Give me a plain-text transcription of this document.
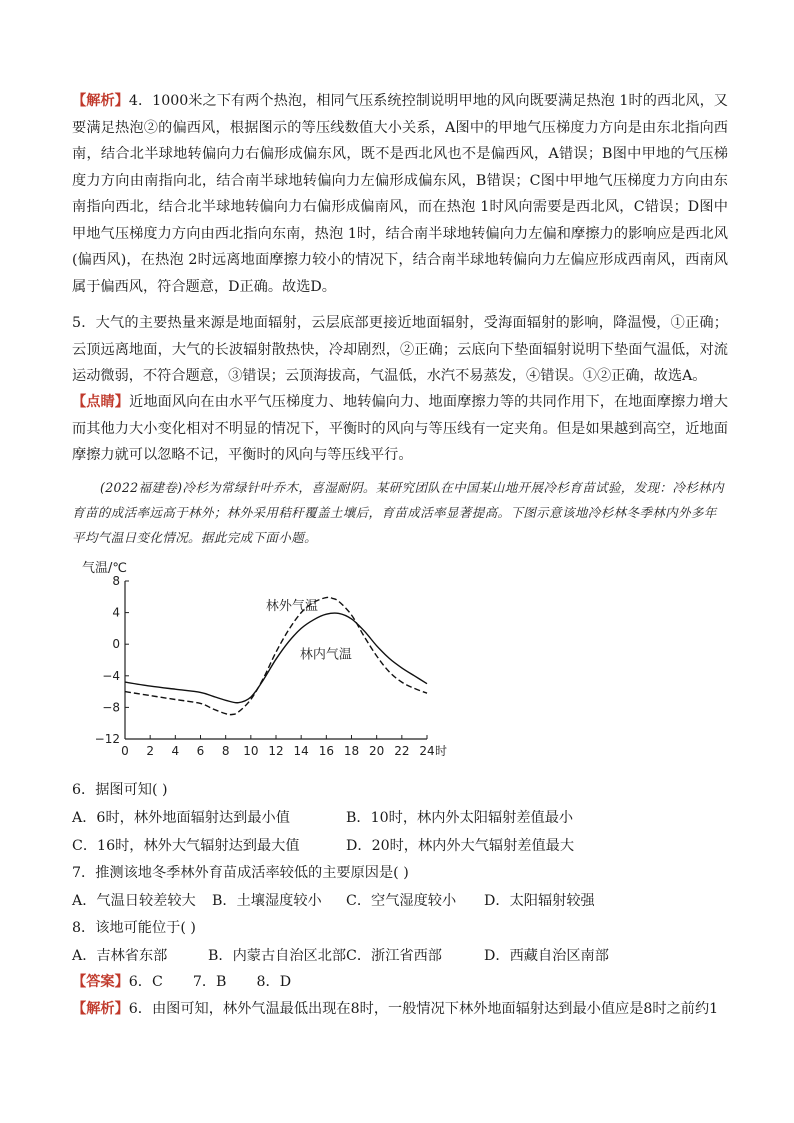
【解析】4．1000米之下有两个热泡，相同气压系统控制说明甲地的风向既要满足热泡 1时的西北风，又要满足热泡②的偏西风，根据图示的等压线数值大小关系，A图中的甲地气压梯度力方向是由东北指向西南，结合北半球地转偏向力右偏形成偏东风，既不是西北风也不是偏西风，A错误；B图中甲地的气压梯度力方向由南指向北，结合南半球地转偏向力左偏形成偏东风，B错误；C图中甲地气压梯度力方向由东南指向西北，结合北半球地转偏向力右偏形成偏南风，而在热泡 1时风向需要是西北风，C错误；D图中甲地气压梯度力方向由西北指向东南，热泡 1时，结合南半球地转偏向力左偏和摩擦力的影响应是西北风(偏西风)，在热泡 2时远离地面摩擦力较小的情况下，结合南半球地转偏向力左偏应形成西南风，西南风属于偏西风，符合题意，D正确。故选D。
5．大气的主要热量来源是地面辐射，云层底部更接近地面辐射，受海面辐射的影响，降温慢，①正确；云顶远离地面，大气的长波辐射散热快，冷却剧烈，②正确；云底向下垫面辐射说明下垫面气温低，对流运动微弱，不符合题意，③错误；云顶海拔高，气温低，水汽不易蒸发，④错误。①②正确，故选A。
【点睛】近地面风向在由水平气压梯度力、地转偏向力、地面摩擦力等的共同作用下，在地面摩擦力增大而其他力大小变化相对不明显的情况下，平衡时的风向与等压线有一定夹角。但是如果越到高空，近地面摩擦力就可以忽略不记，平衡时的风向与等压线平行。
(2022福建卷)冷杉为常绿针叶乔木，喜湿耐阴。某研究团队在中国某山地开展冷杉育苗试验，发现：冷杉林内育苗的成活率远高于林外；林外采用秸秆覆盖土壤后，育苗成活率显著提高。下图示意该地冷杉林冬季林内外多年平均气温日变化情况。据此完成下面小题。
8
4
0
−4
−8
−12
0 2 4 6 8 10 12 14 16 18 20 22 24 时
气温/℃
林外气温
林内气温
6．据图可知( )
A．6时，林外地面辐射达到最小值	B．10时，林内外太阳辐射差值最小
C．16时，林外大气辐射达到最大值	D．20时，林内外大气辐射差值最大
7．推测该地冬季林外育苗成活率较低的主要原因是( )
A．气温日较差较大 B．土壤湿度较小 C．空气湿度较小 D．太阳辐射较强
8．该地可能位于( )
A．吉林省东部	B．内蒙古自治区北部 C．浙江省西部	D．西藏自治区南部
【答案】6．C 7．B 8．D
【解析】6．由图可知，林外气温最低出现在8时，一般情况下林外地面辐射达到最小值应是8时之前约1
